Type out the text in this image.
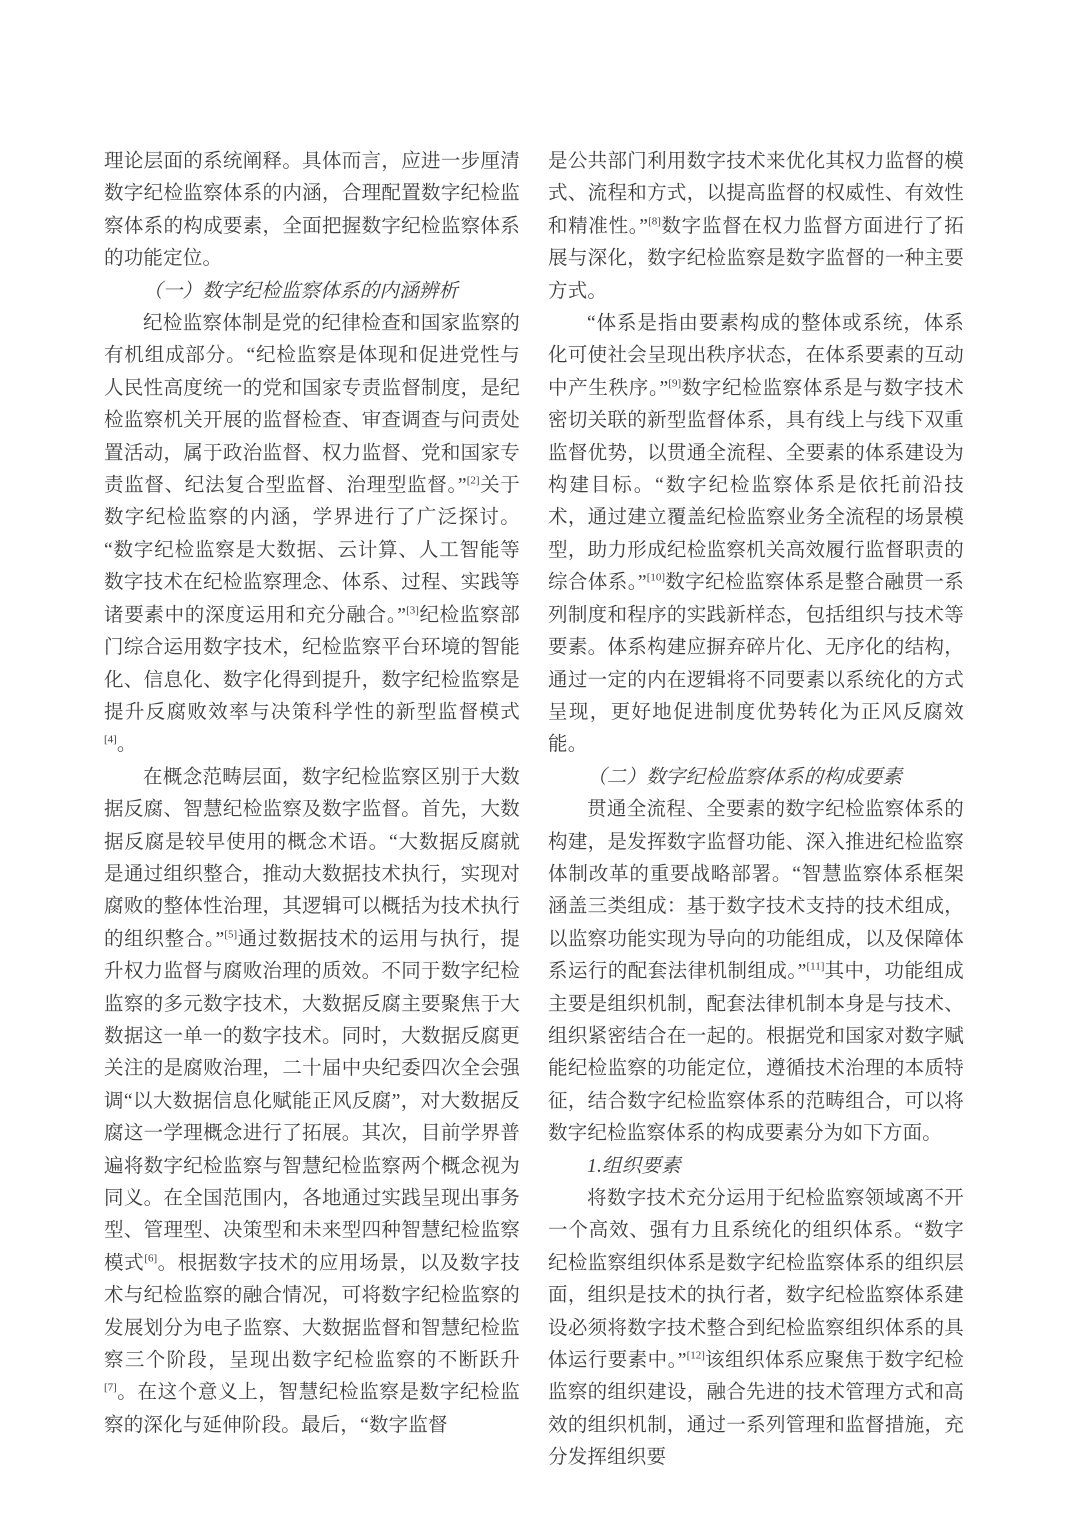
理论层面的系统阐释。具体而言，应进一步厘清数字纪检监察体系的内涵，合理配置数字纪检监察体系的构成要素，全面把握数字纪检监察体系的功能定位。

（一）数字纪检监察体系的内涵辨析

纪检监察体制是党的纪律检查和国家监察的有机组成部分。“纪检监察是体现和促进党性与人民性高度统一的党和国家专责监督制度，是纪检监察机关开展的监督检查、审查调查与问责处置活动，属于政治监督、权力监督、党和国家专责监督、纪法复合型监督、治理型监督。”[2]关于数字纪检监察的内涵，学界进行了广泛探讨。“数字纪检监察是大数据、云计算、人工智能等数字技术在纪检监察理念、体系、过程、实践等诸要素中的深度运用和充分融合。”[3]纪检监察部门综合运用数字技术，纪检监察平台环境的智能化、信息化、数字化得到提升，数字纪检监察是提升反腐败效率与决策科学性的新型监督模式[4]。

在概念范畴层面，数字纪检监察区别于大数据反腐、智慧纪检监察及数字监督。首先，大数据反腐是较早使用的概念术语。“大数据反腐就是通过组织整合，推动大数据技术执行，实现对腐败的整体性治理，其逻辑可以概括为技术执行的组织整合。”[5]通过数据技术的运用与执行，提升权力监督与腐败治理的质效。不同于数字纪检监察的多元数字技术，大数据反腐主要聚焦于大数据这一单一的数字技术。同时，大数据反腐更关注的是腐败治理，二十届中央纪委四次全会强调“以大数据信息化赋能正风反腐”，对大数据反腐这一学理概念进行了拓展。其次，目前学界普遍将数字纪检监察与智慧纪检监察两个概念视为同义。在全国范围内，各地通过实践呈现出事务型、管理型、决策型和未来型四种智慧纪检监察模式[6]。根据数字技术的应用场景，以及数字技术与纪检监察的融合情况，可将数字纪检监察的发展划分为电子监察、大数据监督和智慧纪检监察三个阶段，呈现出数字纪检监察的不断跃升[7]。在这个意义上，智慧纪检监察是数字纪检监察的深化与延伸阶段。最后，“数字监督

是公共部门利用数字技术来优化其权力监督的模式、流程和方式，以提高监督的权威性、有效性和精准性。”[8]数字监督在权力监督方面进行了拓展与深化，数字纪检监察是数字监督的一种主要方式。

“体系是指由要素构成的整体或系统，体系化可使社会呈现出秩序状态，在体系要素的互动中产生秩序。”[9]数字纪检监察体系是与数字技术密切关联的新型监督体系，具有线上与线下双重监督优势，以贯通全流程、全要素的体系建设为构建目标。“数字纪检监察体系是依托前沿技术，通过建立覆盖纪检监察业务全流程的场景模型，助力形成纪检监察机关高效履行监督职责的综合体系。”[10]数字纪检监察体系是整合融贯一系列制度和程序的实践新样态，包括组织与技术等要素。体系构建应摒弃碎片化、无序化的结构，通过一定的内在逻辑将不同要素以系统化的方式呈现，更好地促进制度优势转化为正风反腐效能。

（二）数字纪检监察体系的构成要素

贯通全流程、全要素的数字纪检监察体系的构建，是发挥数字监督功能、深入推进纪检监察体制改革的重要战略部署。“智慧监察体系框架涵盖三类组成：基于数字技术支持的技术组成，以监察功能实现为导向的功能组成，以及保障体系运行的配套法律机制组成。”[11]其中，功能组成主要是组织机制，配套法律机制本身是与技术、组织紧密结合在一起的。根据党和国家对数字赋能纪检监察的功能定位，遵循技术治理的本质特征，结合数字纪检监察体系的范畴组合，可以将数字纪检监察体系的构成要素分为如下方面。

1.组织要素

将数字技术充分运用于纪检监察领域离不开一个高效、强有力且系统化的组织体系。“数字纪检监察组织体系是数字纪检监察体系的组织层面，组织是技术的执行者，数字纪检监察体系建设必须将数字技术整合到纪检监察组织体系的具体运行要素中。”[12]该组织体系应聚焦于数字纪检监察的组织建设，融合先进的技术管理方式和高效的组织机制，通过一系列管理和监督措施，充分发挥组织要
